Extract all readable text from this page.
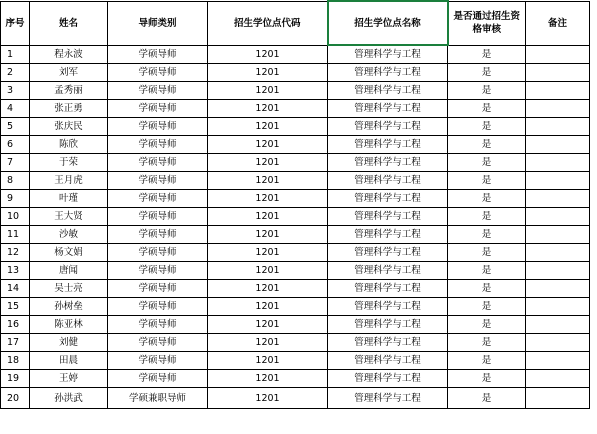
序号	姓名	导师类别	招生学位点代码	招生学位点名称	是否通过招生资格审核	备注
1	程永波	学硕导师	1201	管理科学与工程	是	
2	刘军	学硕导师	1201	管理科学与工程	是	
3	孟秀丽	学硕导师	1201	管理科学与工程	是	
4	张正勇	学硕导师	1201	管理科学与工程	是	
5	张庆民	学硕导师	1201	管理科学与工程	是	
6	陈欣	学硕导师	1201	管理科学与工程	是	
7	于荣	学硕导师	1201	管理科学与工程	是	
8	王月虎	学硕导师	1201	管理科学与工程	是	
9	叶瑾	学硕导师	1201	管理科学与工程	是	
10	王大贤	学硕导师	1201	管理科学与工程	是	
11	沙敏	学硕导师	1201	管理科学与工程	是	
12	杨文娟	学硕导师	1201	管理科学与工程	是	
13	唐闻	学硕导师	1201	管理科学与工程	是	
14	吴士亮	学硕导师	1201	管理科学与工程	是	
15	孙树垒	学硕导师	1201	管理科学与工程	是	
16	陈亚林	学硕导师	1201	管理科学与工程	是	
17	刘健	学硕导师	1201	管理科学与工程	是	
18	田晨	学硕导师	1201	管理科学与工程	是	
19	王婷	学硕导师	1201	管理科学与工程	是	
20	孙洪武	学硕兼职导师	1201	管理科学与工程	是	
